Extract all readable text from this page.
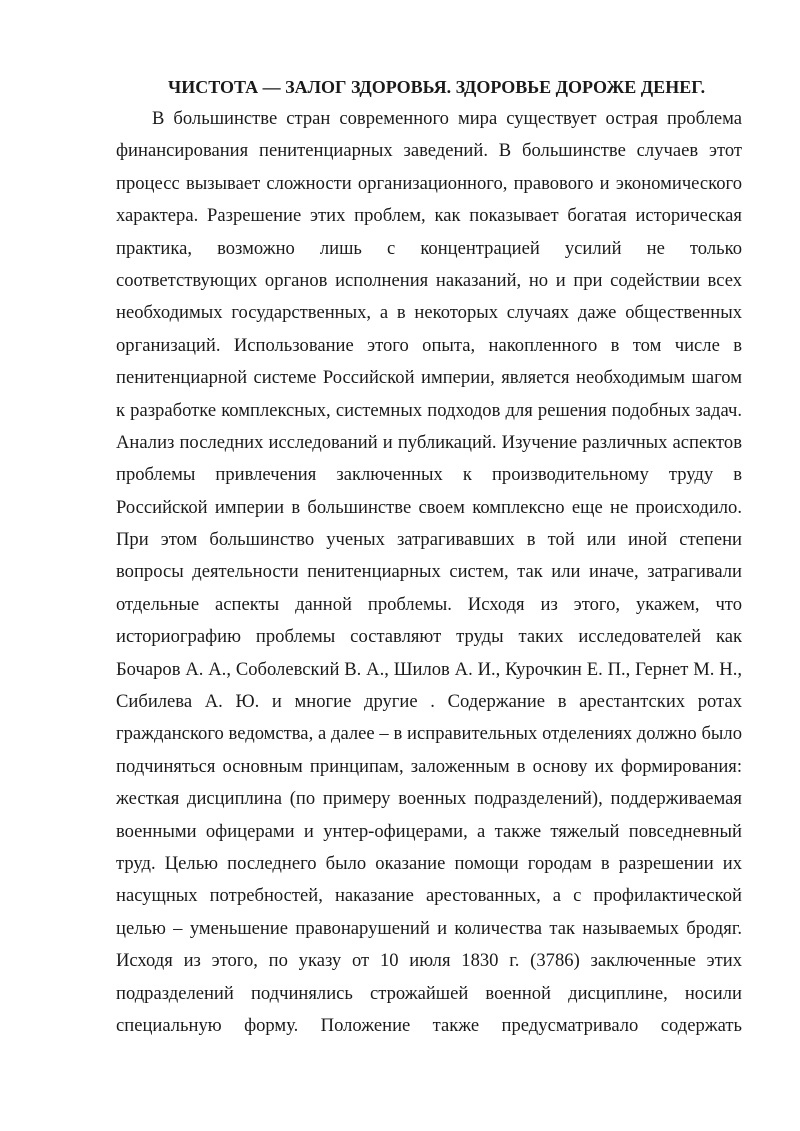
ЧИСТОТА — ЗАЛОГ ЗДОРОВЬЯ. ЗДОРОВЬЕ ДОРОЖЕ ДЕНЕГ.
В большинстве стран современного мира существует острая проблема
финансирования пенитенциарных заведений. В большинстве случаев этот
процесс вызывает сложности организационного, правового и экономического
характера. Разрешение этих проблем, как показывает богатая историческая
практика, возможно лишь с концентрацией усилий не только
соответствующих органов исполнения наказаний, но и при содействии всех
необходимых государственных, а в некоторых случаях даже общественных
организаций. Использование этого опыта, накопленного в том числе в
пенитенциарной системе Российской империи, является необходимым шагом
к разработке комплексных, системных подходов для решения подобных задач.
Анализ последних исследований и публикаций. Изучение различных аспектов
проблемы привлечения заключенных к производительному труду в
Российской империи в большинстве своем комплексно еще не происходило.
При этом большинство ученых затрагивавших в той или иной степени
вопросы деятельности пенитенциарных систем, так или иначе, затрагивали
отдельные аспекты данной проблемы. Исходя из этого, укажем, что
историографию проблемы составляют труды таких исследователей как
Бочаров А. А., Соболевский В. А., Шилов А. И., Курочкин Е. П., Гернет М. Н.,
Сибилева А. Ю. и многие другие . Содержание в арестантских ротах
гражданского ведомства, а далее – в исправительных отделениях должно было
подчиняться основным принципам, заложенным в основу их формирования:
жесткая дисциплина (по примеру военных подразделений), поддерживаемая
военными офицерами и унтер-офицерами, а также тяжелый повседневный
труд. Целью последнего было оказание помощи городам в разрешении их
насущных потребностей, наказание арестованных, а с профилактической
целью – уменьшение правонарушений и количества так называемых бродяг.
Исходя из этого, по указу от 10 июля 1830 г. (3786) заключенные этих
подразделений подчинялись строжайшей военной дисциплине, носили
специальную форму. Положение также предусматривало содержать
